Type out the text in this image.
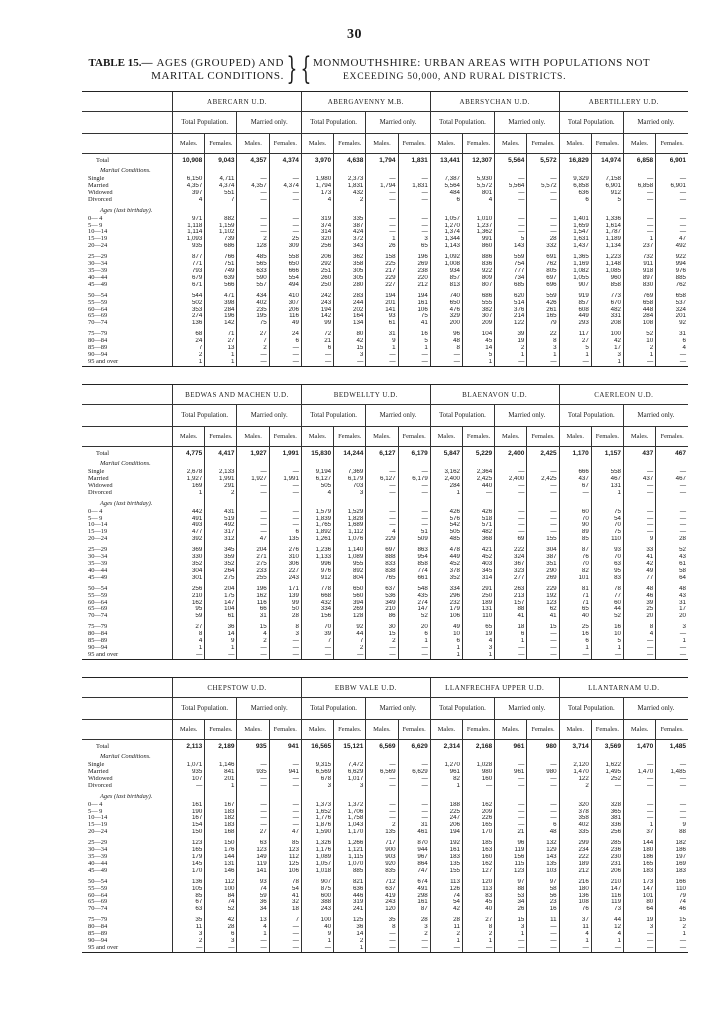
30
TABLE 15.— AGES (GROUPED) AND
MARITAL CONDITIONS. } { MONMOUTHSHIRE: URBAN AREAS WITH POPULATIONS NOT
EXCEEDING 50,000, AND RURAL DISTRICTS.
	ABERCARN U.D.				ABERGAVENNY M.B.				ABERSYCHAN U.D.				ABERTILLERY U.D.			
	Total Population.		Married only.		Total Population.		Married only.		Total Population.		Married only.		Total Population.		Married only.	
	Males.	Females.	Males.	Females.	Males.	Females.	Males.	Females.	Males.	Females.	Males.	Females.	Males.	Females.	Males.	Females.
Total	10,908	9,043	4,357	4,374	3,970	4,638	1,794	1,831	13,441	12,307	5,564	5,572	16,829	14,974	6,858	6,901
Marital Conditions.																
Single	6,150	4,711	—	—	1,980	2,373	—	—	7,387	5,930	—	—	9,329	7,158	—	—
Married	4,357	4,374	4,357	4,374	1,794	1,831	1,794	1,831	5,564	5,572	5,564	5,572	6,858	6,901	6,858	6,901
Widowed	397	551	—	—	173	432	—	—	484	801	—	—	636	912	—	—
Divorced	4	7	—	—	4	2	—	—	6	4	—	—	6	5	—	—

Ages (last birthday).																
0— 4	971	882	—	—	319	335	—	—	1,057	1,010	—	—	1,401	1,336	—	—
5— 9	1,118	1,159	—	—	374	387	—	—	1,270	1,237	—	—	1,659	1,614	—	—
10—14	1,114	1,102	—	—	314	424	—	—	1,374	1,362	—	—	1,547	1,787	—	—
15—19	1,093	739	2	25	320	372	1	3	1,344	991	5	28	1,631	1,189	1	47
20—24	935	686	128	309	256	343	26	65	1,143	860	143	332	1,437	1,134	237	492

25—29	877	766	485	558	206	362	158	196	1,092	886	559	691	1,365	1,223	732	922
30—34	771	751	565	650	292	358	225	269	1,008	836	754	762	1,169	1,148	911	994
35—39	793	749	633	666	251	305	217	238	934	922	777	805	1,082	1,085	918	976
40—44	679	639	590	554	260	305	229	220	857	809	734	697	1,055	960	897	885
45—49	671	566	557	494	250	280	227	212	813	807	685	696	907	858	830	762

50—54	544	471	434	410	242	283	194	194	740	686	620	559	919	773	769	658
55—59	502	398	402	307	243	244	201	161	650	555	514	426	857	670	658	537
60—64	353	284	235	206	194	202	141	106	476	382	376	261	608	482	448	324
65—69	274	196	195	116	142	164	93	75	329	307	214	165	449	331	284	201
70—74	136	142	75	49	99	134	61	41	200	209	122	79	293	208	108	92

75—79	68	71	27	24	72	80	31	16	96	104	39	22	117	100	52	31
80—84	24	27	7	6	21	42	9	5	48	45	19	8	27	42	10	6
85—89	7	13	2	—	6	15	1	1	8	14	2	3	5	17	2	4
90—94	2	1	—	—	—	3	—	—	—	5	1	1	1	3	1	—
95 and over	1	1	—	—	—	—	—	—	—	1	—	—	—	1	—	—
	BEDWAS AND MACHEN U.D.				BEDWELLTY U.D.				BLAENAVON U.D.				CAERLEON U.D.			
	Total Population.		Married only.		Total Population.		Married only.		Total Population.		Married only.		Total Population.		Married only.	
	Males.	Females.	Males.	Females.	Males.	Females.	Males.	Females.	Males.	Females.	Males.	Females.	Males.	Females.	Males.	Females.
Total	4,775	4,417	1,927	1,991	15,830	14,244	6,127	6,179	5,847	5,229	2,400	2,425	1,170	1,157	437	467
Marital Conditions.																
Single	2,678	2,133	—	—	9,194	7,369	—	—	3,162	2,364	—	—	666	558	—	—
Married	1,927	1,991	1,927	1,991	6,127	6,179	6,127	6,179	2,400	2,425	2,400	2,425	437	467	437	467
Widowed	169	291	—	—	505	703	—	—	284	440	—	—	67	131	—	—
Divorced	1	2	—	—	4	3	—	—	1	—	—	—	—	1	—	—

Ages (last birthday).																
0— 4	442	431	—	—	1,579	1,529	—	—	426	426	—	—	60	75	—	—
5— 9	491	519	—	—	1,839	1,828	—	—	576	518	—	—	70	54	—	—
10—14	493	492	—	—	1,765	1,689	—	—	542	571	—	—	90	70	—	—
15—19	477	317	—	6	1,892	1,112	4	51	505	482	—	—	89	75	—	—
20—24	392	312	47	135	1,261	1,076	229	509	485	368	69	155	85	110	9	28

25—29	369	345	204	276	1,236	1,140	697	863	478	421	222	304	87	93	33	52
30—34	330	359	271	310	1,133	1,089	888	954	449	452	324	387	76	70	41	43
35—39	352	352	275	306	996	955	833	858	452	403	367	351	70	63	42	61
40—44	304	264	233	227	976	892	838	774	378	345	323	290	82	95	49	58
45—49	301	275	255	243	912	804	765	661	352	314	277	269	101	83	77	64

50—54	256	204	196	171	778	650	637	548	334	291	263	229	81	78	48	48
55—59	210	175	162	139	668	560	536	435	296	250	213	192	71	77	46	43
60—64	162	147	116	99	432	394	349	274	232	189	157	123	71	60	39	31
65—69	95	104	66	50	334	269	210	147	179	131	88	62	65	44	25	17
70—74	59	61	31	28	156	128	86	52	106	110	41	41	40	52	20	20

75—79	27	36	15	8	70	92	30	20	49	65	18	15	25	16	8	3
80—84	8	14	4	3	39	44	15	6	10	19	6	—	16	10	4	—
85—89	4	9	2	—	7	7	2	1	6	4	1	—	6	5	—	1
90—94	1	1	—	—	—	2	—	—	1	3	—	—	1	1	—	—
95 and over	—	—	—	—	—	—	—	—	1	1	—	—	—	—	—	—
	CHEPSTOW U.D.				EBBW VALE U.D.				LLANFRECHFA UPPER U.D.				LLANTARNAM U.D.			
	Total Population.		Married only.		Total Population.		Married only.		Total Population.		Married only.		Total Population.		Married only.	
	Males.	Females.	Males.	Females.	Males.	Females.	Males.	Females.	Males.	Females.	Males.	Females.	Males.	Females.	Males.	Females.
Total	2,113	2,189	935	941	16,565	15,121	6,569	6,629	2,314	2,168	961	980	3,714	3,569	1,470	1,485
Marital Conditions.																
Single	1,071	1,146	—	—	9,315	7,472	—	—	1,270	1,028	—	—	2,120	1,622	—	—
Married	935	841	935	941	6,569	6,629	6,569	6,629	961	980	961	980	1,470	1,495	1,470	1,485
Widowed	107	201	—	—	678	1,017	—	—	82	160	—	—	122	252	—	—
Divorced	—	1	—	—	3	3	—	—	1	—	—	—	2	—	—	—

Ages (last birthday).																
0— 4	161	167	—	—	1,373	1,372	—	—	188	162	—	—	320	328	—	—
5— 9	190	183	—	—	1,652	1,706	—	—	225	209	—	—	378	365	—	—
10—14	167	182	—	—	1,776	1,758	—	—	247	226	—	—	358	381	—	—
15—19	154	183	—	—	1,876	1,043	2	31	206	165	—	6	402	336	1	9
20—24	150	168	27	47	1,590	1,170	135	461	194	170	21	48	335	256	37	88

25—29	123	150	63	85	1,326	1,266	717	870	192	185	96	132	299	285	144	182
30—34	165	176	123	123	1,176	1,121	900	944	161	163	119	129	234	236	180	186
35—39	179	144	149	112	1,089	1,115	903	967	183	160	156	143	222	230	186	197
40—44	145	131	119	125	1,057	1,070	920	864	135	162	115	135	189	231	165	169
45—49	170	146	141	106	1,018	885	835	747	155	127	123	103	212	206	183	183

50—54	136	112	93	78	907	821	712	674	113	120	97	97	216	210	173	166
55—59	105	100	74	54	875	636	637	491	126	113	88	58	180	147	147	110
60—64	85	84	59	41	600	446	419	298	74	83	53	56	136	116	101	79
65—69	67	74	36	32	388	319	243	161	54	45	34	23	108	119	80	74
70—74	63	52	34	18	243	241	120	87	42	40	26	16	76	73	64	46

75—79	35	42	13	7	100	125	35	28	28	27	15	11	37	44	19	15
80—84	11	28	4	—	40	36	8	3	11	8	3	—	11	12	3	2
85—89	3	6	1	—	9	14	—	2	2	2	1	—	4	4	—	1
90—94	2	3	—	—	1	2	—	—	1	1	—	—	1	1	—	—
95 and over	—	—	—	—	—	1	—	—	—	—	—	—	—	—	—	—
